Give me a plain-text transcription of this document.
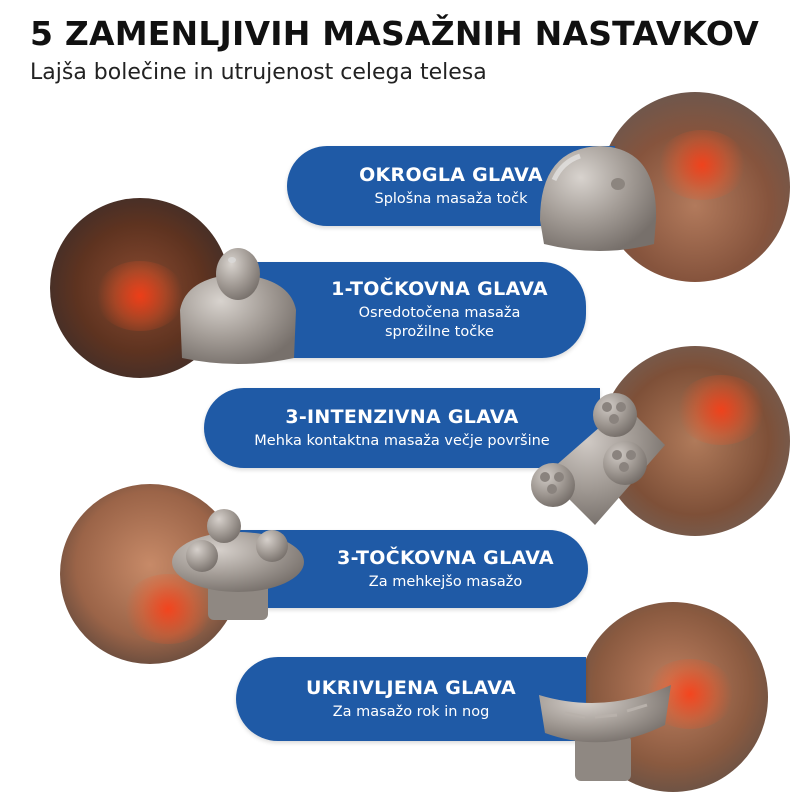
5 ZAMENLJIVIH MASAŽNIH NASTAVKOV

Lajša bolečine in utrujenost celega telesa

OKROGLA GLAVA
Splošna masaža točk
1-TOČKOVNA GLAVA
Osredotočena masaža
sprožilne točke
3-INTENZIVNA GLAVA
Mehka kontaktna masaža večje površine
3-TOČKOVNA GLAVA
Za mehkejšo masažo
UKRIVLJENA GLAVA
Za masažo rok in nog
